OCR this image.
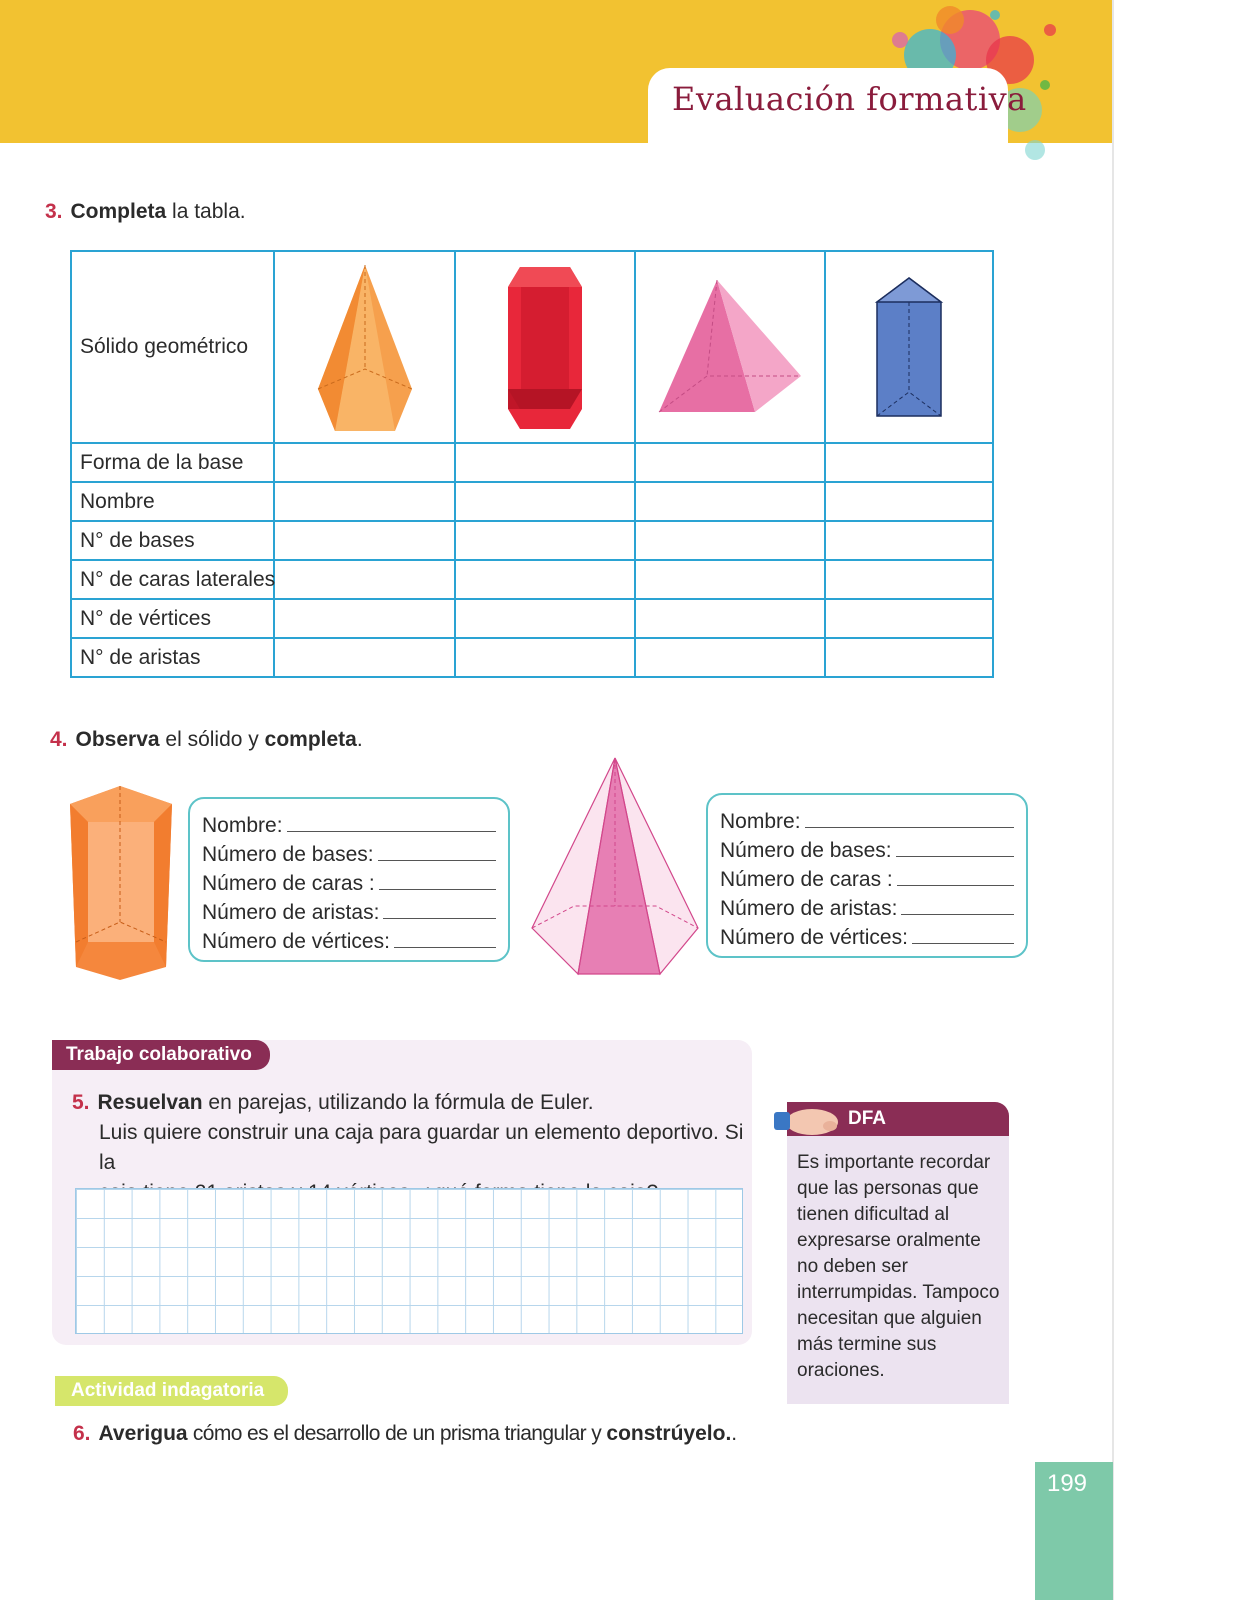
Evaluación formativa
3. Completa la tabla.
Sólido geométrico	

Forma de la base				
Nombre				
N° de bases				
N° de caras laterales				
N° de vértices				
N° de aristas				
4. Observa el sólido y completa.
Nombre:
Número de bases:
Número de caras :
Número de aristas:
Número de vértices:
Nombre:
Número de bases:
Número de caras :
Número de aristas:
Número de vértices:
Trabajo colaborativo
5. Resuelvan en parejas, utilizando la fórmula de Euler.
Luis quiere construir una caja para guardar un elemento deportivo. Si la
DFA
Es importante recordar que las personas que tienen dificultad al expresarse oralmente no deben ser interrumpidas. Tampoco necesitan que alguien más termine sus oraciones.
Actividad indagatoria
6. Averigua cómo es el desarrollo de un prisma triangular y constrúyelo..
199
